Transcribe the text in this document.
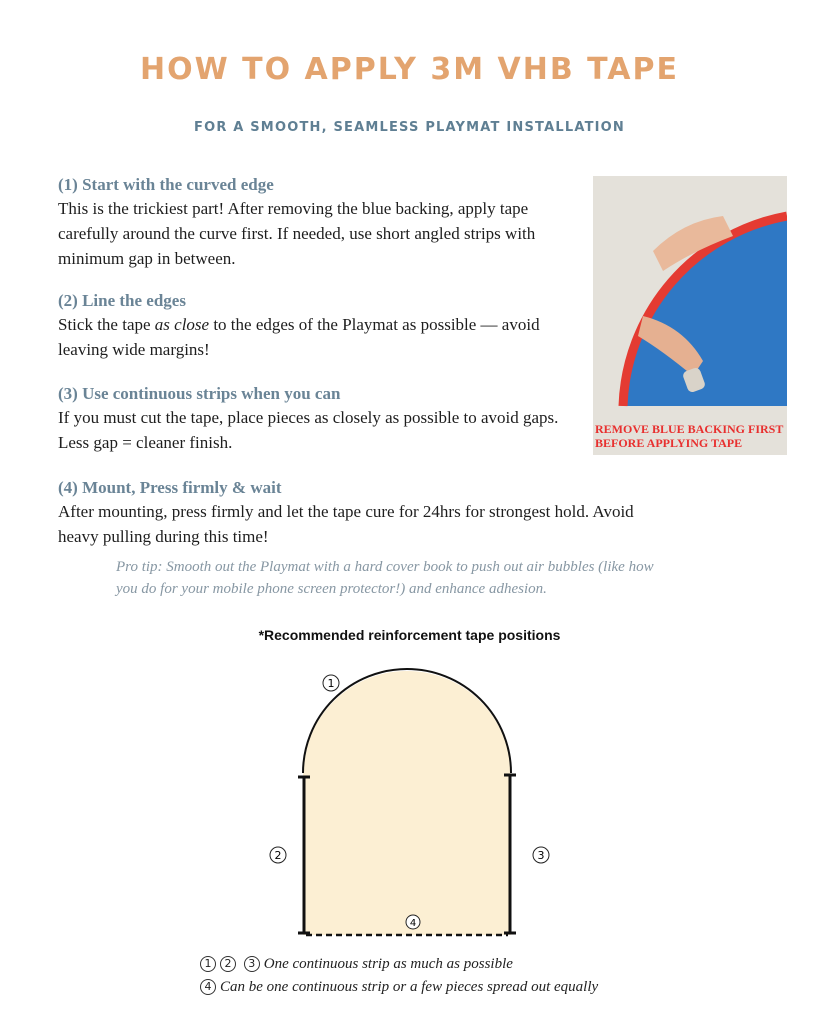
HOW TO APPLY 3M VHB TAPE
FOR A SMOOTH, SEAMLESS PLAYMAT INSTALLATION
(1) Start with the curved edge
This is the trickiest part! After removing the blue backing, apply tape carefully around the curve first. If needed, use short angled strips with minimum gap in between.
(2) Line the edges
Stick the tape as close to the edges of the Playmat as possible — avoid leaving wide margins!
(3) Use continuous strips when you can
If you must cut the tape, place pieces as closely as possible to avoid gaps. Less gap = cleaner finish.
(4) Mount, Press firmly & wait
After mounting, press firmly and let the tape cure for 24hrs for strongest hold. Avoid heavy pulling during this time!
Pro tip: Smooth out the Playmat with a hard cover book to push out air bubbles (like how you do for your mobile phone screen protector!) and enhance adhesion.
REMOVE BLUE BACKING FIRST
BEFORE APPLYING TAPE
*Recommended reinforcement tape positions
1
2	3
4
1 2 3 One continuous strip as much as possible
4 Can be one continuous strip or a few pieces spread out equally
